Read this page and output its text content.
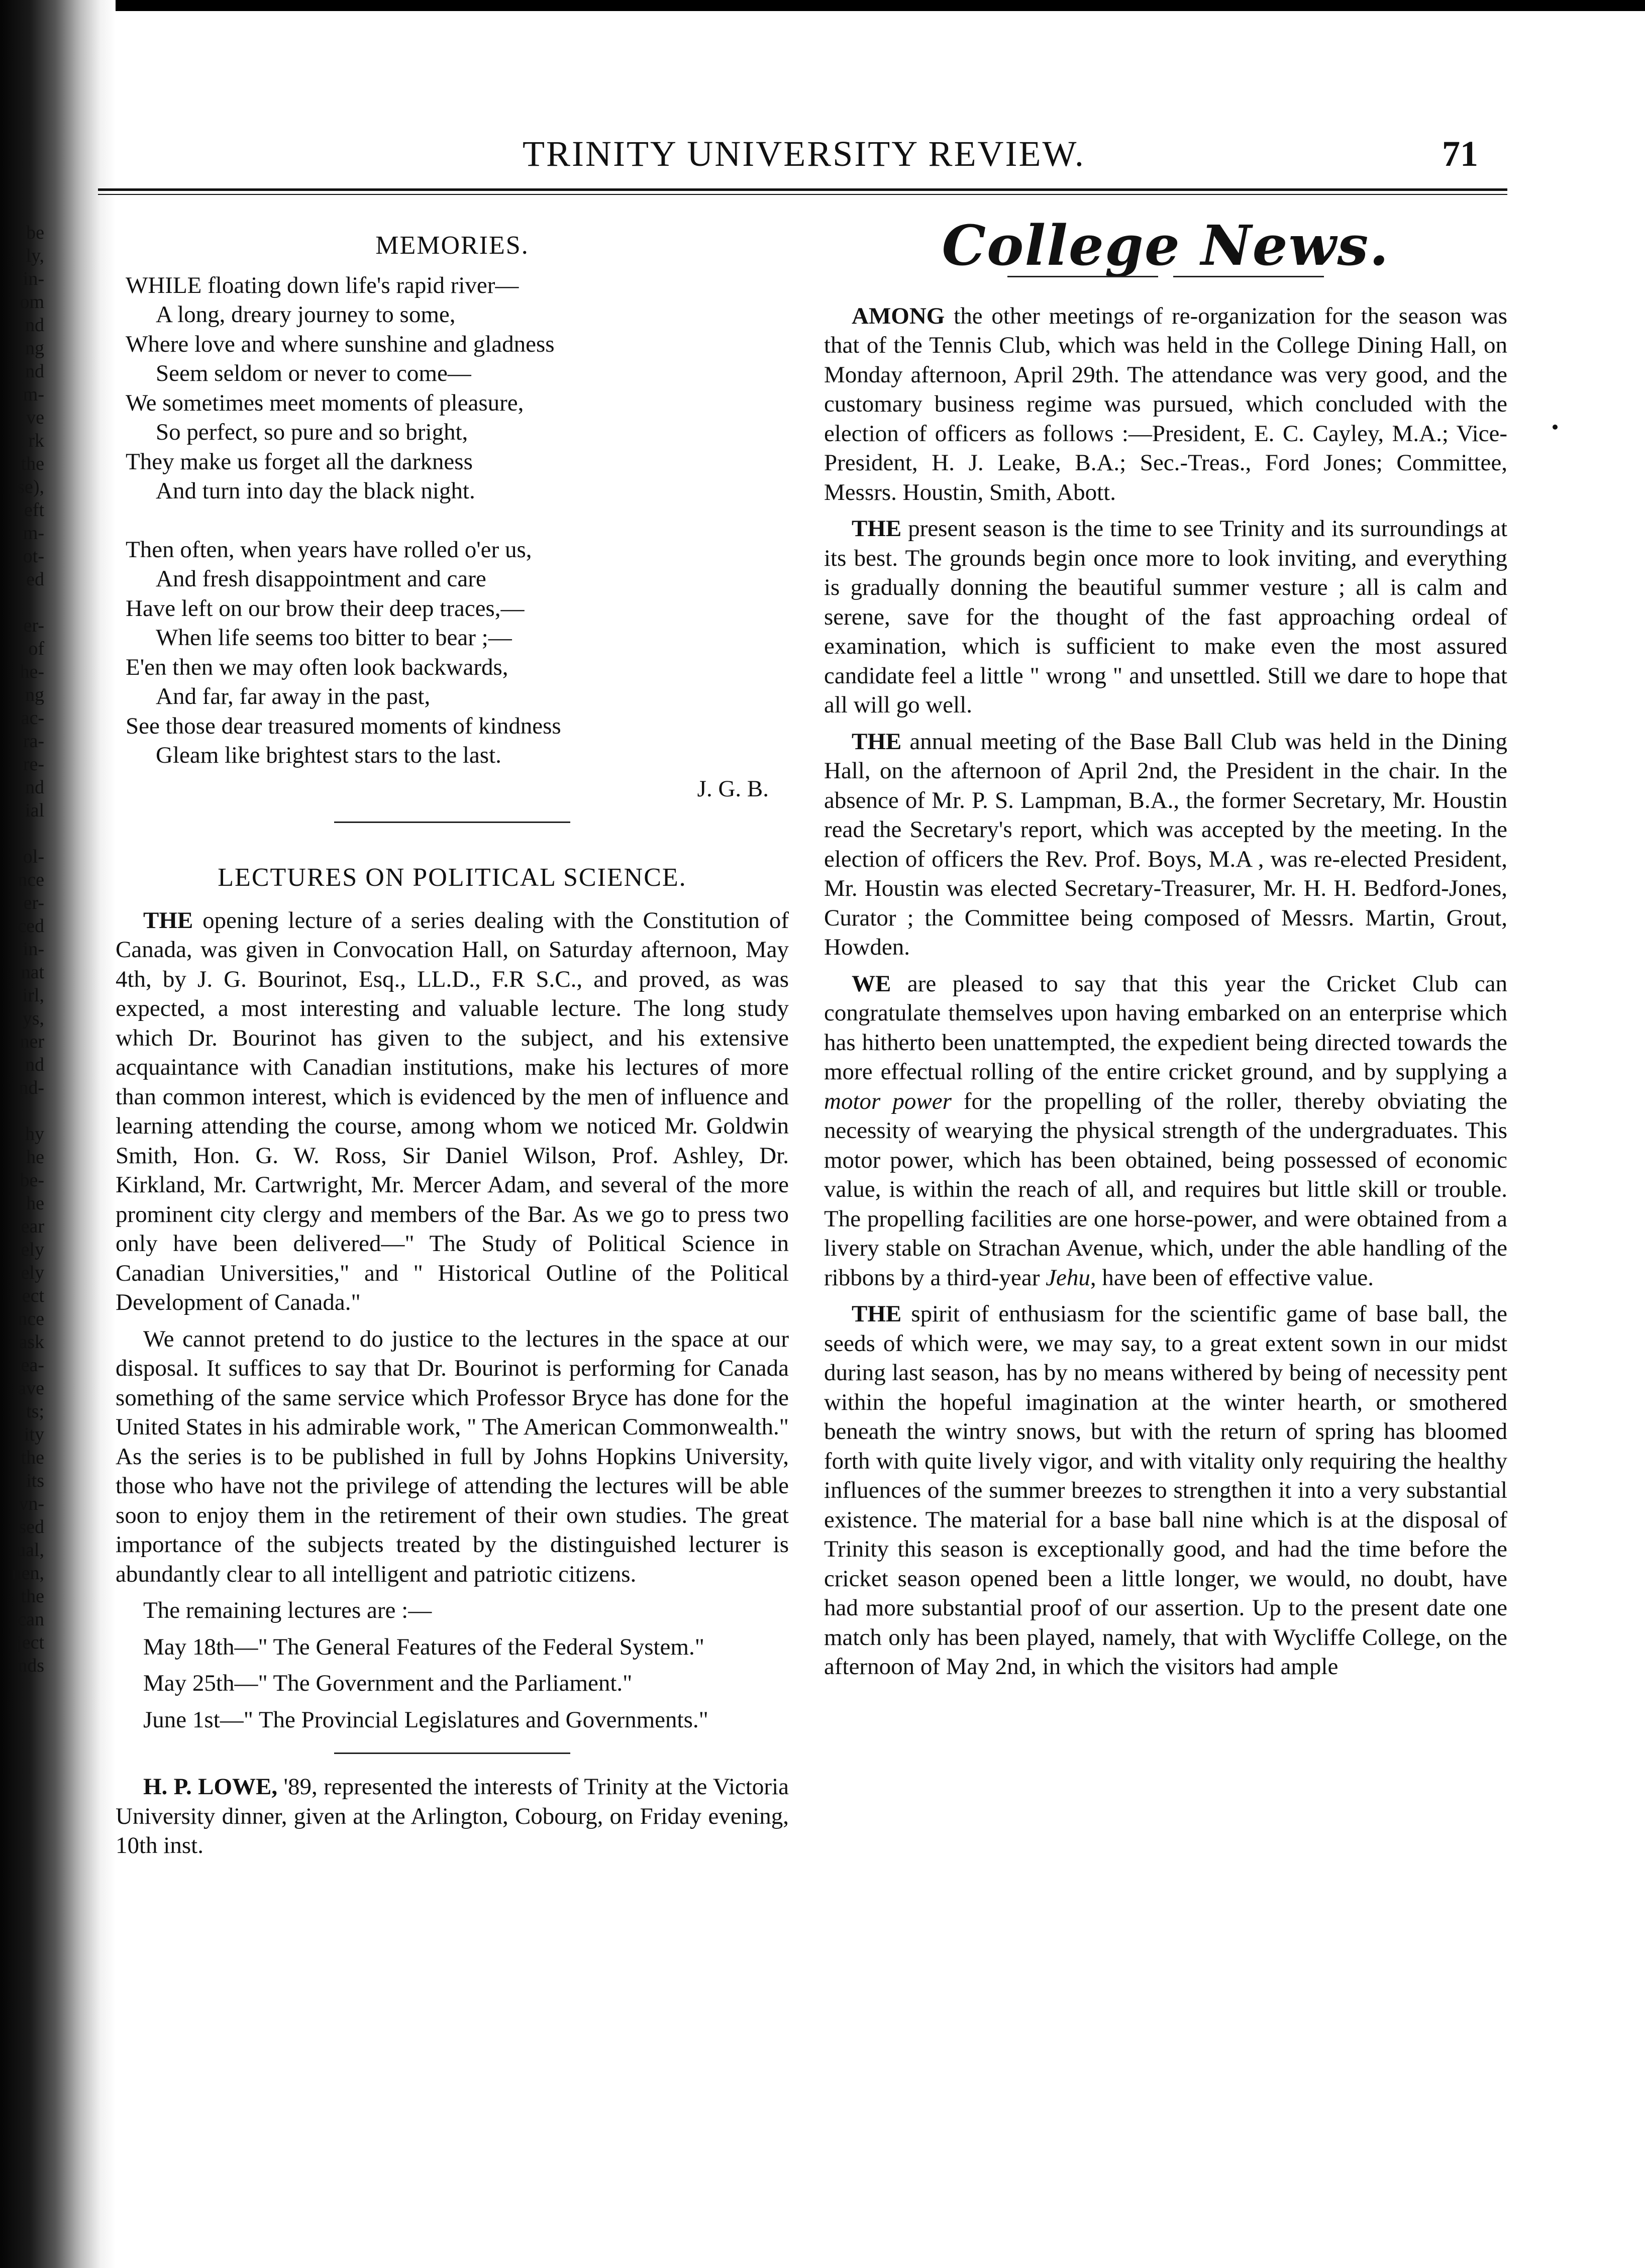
be
ly,
in-
om
nd
ng
nd
m-
ve
rk
the
se),
eft
m-
ot-
ed
er-
of
he-
ng
ac-
ra-
re-
nd
ial
ol-
nce
er-
ced
in-
nat
irl,
ys,
ner
nd
nd-
hy
he
be-
he
ear
ely
ely
ect
nce
ask
ea-
ave
ts;
ity
the
its
vn-
sed
ual,
nen,
the
can
ject
nds
TRINITY UNIVERSITY REVIEW.	71
MEMORIES.
WHILE floating down life's rapid river—
A long, dreary journey to some,
Where love and where sunshine and gladness
Seem seldom or never to come—
We sometimes meet moments of pleasure,
So perfect, so pure and so bright,
They make us forget all the darkness
And turn into day the black night.
Then often, when years have rolled o'er us,
And fresh disappointment and care
Have left on our brow their deep traces,—
When life seems too bitter to bear ;—
E'en then we may often look backwards,
And far, far away in the past,
See those dear treasured moments of kindness
Gleam like brightest stars to the last.
J. G. B.
LECTURES ON POLITICAL SCIENCE.

THE opening lecture of a series dealing with the Constitution of Canada, was given in Convocation Hall, on Saturday afternoon, May 4th, by J. G. Bourinot, Esq., LL.D., F.R S.C., and proved, as was expected, a most interesting and valuable lecture. The long study which Dr. Bourinot has given to the subject, and his extensive acquaintance with Canadian institutions, make his lectures of more than common interest, which is evidenced by the men of influence and learning attending the course, among whom we noticed Mr. Goldwin Smith, Hon. G. W. Ross, Sir Daniel Wilson, Prof. Ashley, Dr. Kirkland, Mr. Cartwright, Mr. Mercer Adam, and several of the more prominent city clergy and members of the Bar. As we go to press two only have been delivered—" The Study of Political Science in Canadian Universities," and " Historical Outline of the Political Development of Canada."

We cannot pretend to do justice to the lectures in the space at our disposal. It suffices to say that Dr. Bourinot is performing for Canada something of the same service which Professor Bryce has done for the United States in his admirable work, " The American Commonwealth." As the series is to be published in full by Johns Hopkins University, those who have not the privilege of attending the lectures will be able soon to enjoy them in the retirement of their own studies. The great importance of the subjects treated by the distinguished lecturer is abundantly clear to all intelligent and patriotic citizens.

The remaining lectures are :—

May 18th—" The General Features of the Federal System."

May 25th—" The Government and the Parliament."

June 1st—" The Provincial Legislatures and Governments."

H. P. LOWE, '89, represented the interests of Trinity at the Victoria University dinner, given at the Arlington, Cobourg, on Friday evening, 10th inst.

College News.

AMONG the other meetings of re-organization for the season was that of the Tennis Club, which was held in the College Dining Hall, on Monday afternoon, April 29th. The attendance was very good, and the customary business regime was pursued, which concluded with the election of officers as follows :—President, E. C. Cayley, M.A.; Vice-President, H. J. Leake, B.A.; Sec.-Treas., Ford Jones; Committee, Messrs. Houstin, Smith, Abott.

THE present season is the time to see Trinity and its surroundings at its best. The grounds begin once more to look inviting, and everything is gradually donning the beautiful summer vesture ; all is calm and serene, save for the thought of the fast approaching ordeal of examination, which is sufficient to make even the most assured candidate feel a little " wrong " and unsettled. Still we dare to hope that all will go well.

THE annual meeting of the Base Ball Club was held in the Dining Hall, on the afternoon of April 2nd, the President in the chair. In the absence of Mr. P. S. Lampman, B.A., the former Secretary, Mr. Houstin read the Secretary's report, which was accepted by the meeting. In the election of officers the Rev. Prof. Boys, M.A , was re-elected President, Mr. Houstin was elected Secretary-Treasurer, Mr. H. H. Bedford-Jones, Curator ; the Committee being composed of Messrs. Martin, Grout, Howden.

WE are pleased to say that this year the Cricket Club can congratulate themselves upon having embarked on an enterprise which has hitherto been unattempted, the expedient being directed towards the more effectual rolling of the entire cricket ground, and by supplying a motor power for the propelling of the roller, thereby obviating the necessity of wearying the physical strength of the undergraduates. This motor power, which has been obtained, being possessed of economic value, is within the reach of all, and requires but little skill or trouble. The propelling facilities are one horse-power, and were obtained from a livery stable on Strachan Avenue, which, under the able handling of the ribbons by a third-year Jehu, have been of effective value.

THE spirit of enthusiasm for the scientific game of base ball, the seeds of which were, we may say, to a great extent sown in our midst during last season, has by no means withered by being of necessity pent within the hopeful imagination at the winter hearth, or smothered beneath the wintry snows, but with the return of spring has bloomed forth with quite lively vigor, and with vitality only requiring the healthy influences of the summer breezes to strengthen it into a very substantial existence. The material for a base ball nine which is at the disposal of Trinity this season is exceptionally good, and had the time before the cricket season opened been a little longer, we would, no doubt, have had more substantial proof of our assertion. Up to the present date one match only has been played, namely, that with Wycliffe College, on the afternoon of May 2nd, in which the visitors had ample
